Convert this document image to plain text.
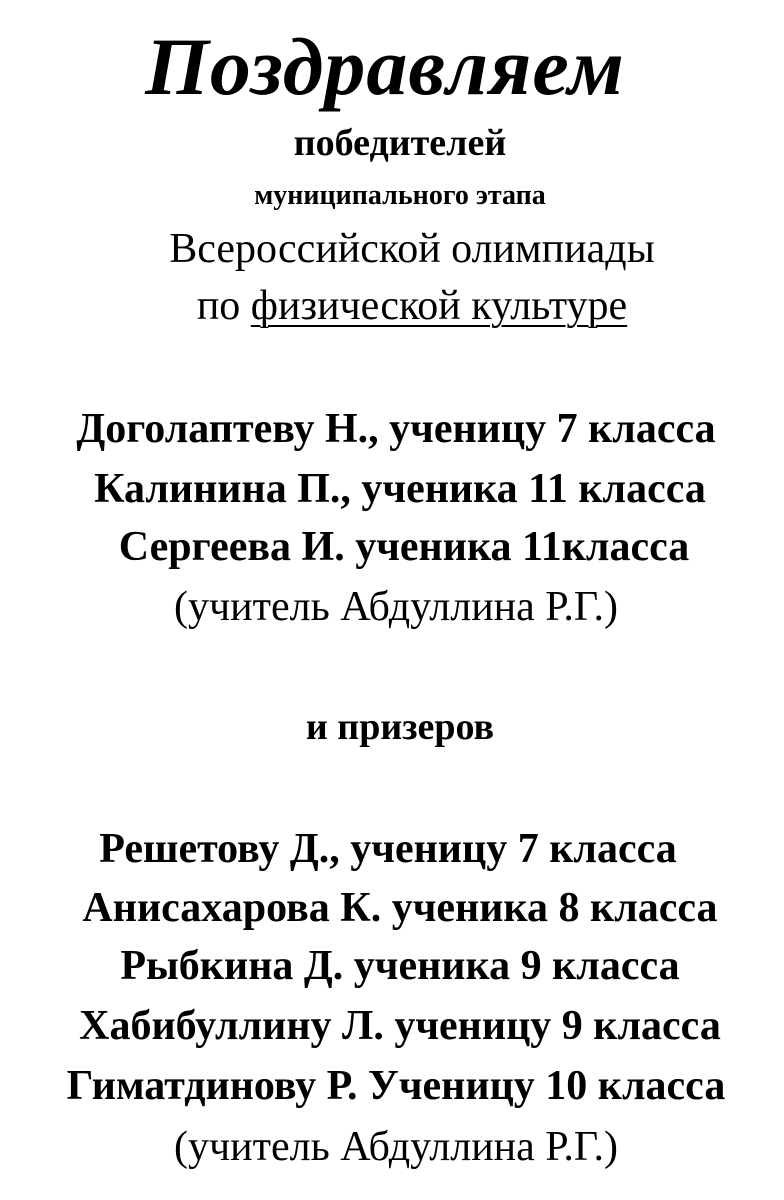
Поздравляем
победителей
муниципального этапа
Всероссийской олимпиады
по физической культуре
Доголаптеву Н., ученицу 7 класса
Калинина П., ученика 11 класса
Сергеева И. ученика 11класса
(учитель Абдуллина Р.Г.)
и призеров
Решетову Д., ученицу 7 класса
Анисахарова К. ученика 8 класса
Рыбкина Д. ученика 9 класса
Хабибуллину Л. ученицу 9 класса
Гиматдинову Р. Ученицу 10 класса
(учитель Абдуллина Р.Г.)
